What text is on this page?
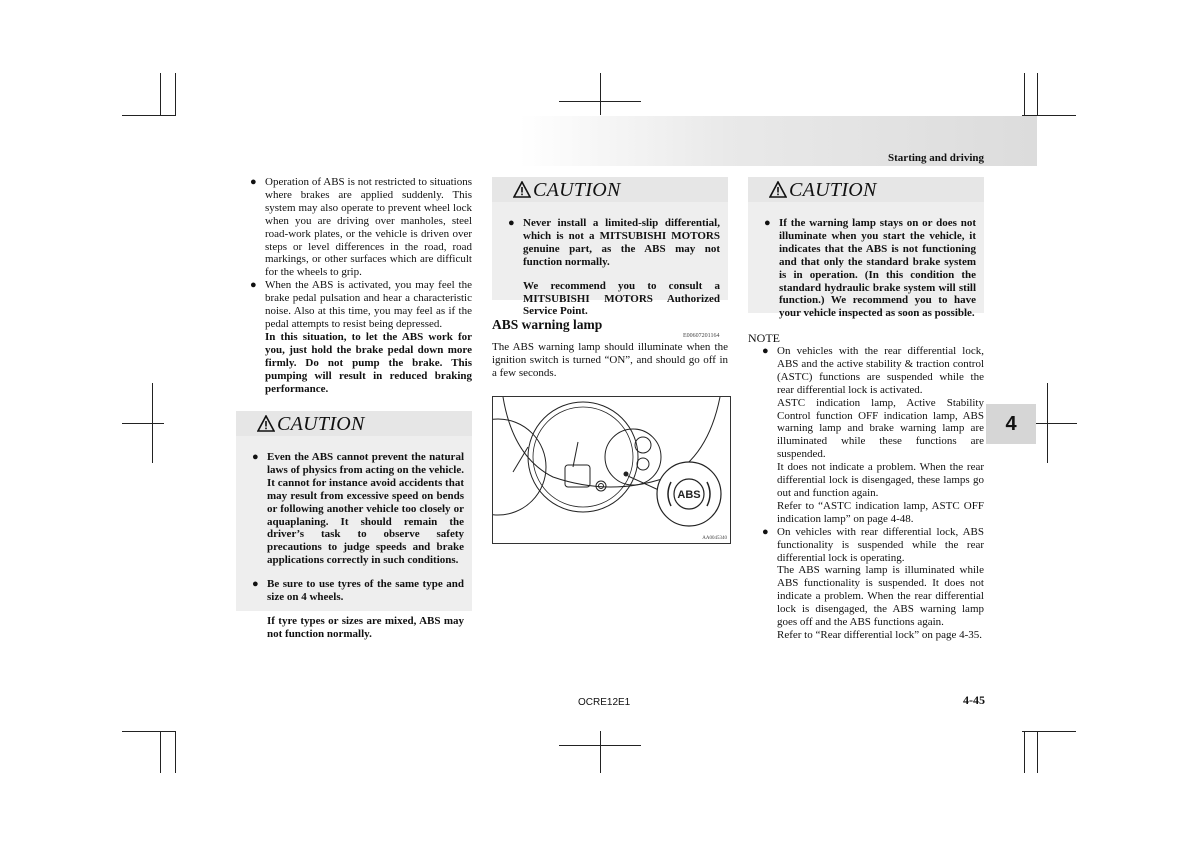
Starting and driving
4
● Operation of ABS is not restricted to situations where brakes are applied suddenly. This system may also operate to prevent wheel lock when you are driving over manholes, steel road-work plates, or the vehicle is driven over steps or level differences in the road, road markings, or other surfaces which are difficult for the wheels to grip.

● When the ABS is activated, you may feel the brake pedal pulsation and hear a characteristic noise. Also at this time, you may feel as if the pedal attempts to resist being depressed.

In this situation, to let the ABS work for you, just hold the brake pedal down more firmly. Do not pump the brake. This pumping will result in reduced braking performance.

CAUTION
● Even the ABS cannot prevent the natural laws of physics from acting on the vehicle. It cannot for instance avoid accidents that may result from excessive speed on bends or following another vehicle too closely or aquaplaning. It should remain the driver’s task to observe safety precautions to judge speeds and brake applications correctly in such conditions.

● Be sure to use tyres of the same type and size on 4 wheels.

If tyre types or sizes are mixed, ABS may not function normally.

CAUTION
● Never install a limited-slip differential, which is not a MITSUBISHI MOTORS genuine part, as the ABS may not function normally.

We recommend you to consult a MITSUBISHI MOTORS Authorized Service Point.

ABS warning lamp
E00607201164

The ABS warning lamp should illuminate when the ignition switch is turned “ON”, and should go off in a few seconds.

ABS
AA0045340
CAUTION
● If the warning lamp stays on or does not illuminate when you start the vehicle, it indicates that the ABS is not functioning and that only the standard brake system is in operation. (In this condition the standard hydraulic brake system will still function.) We recommend you to have your vehicle inspected as soon as possible.

NOTE
● On vehicles with the rear differential lock, ABS and the active stability & traction control (ASTC) functions are suspended while the rear differential lock is activated.

ASTC indication lamp, Active Stability Control function OFF indication lamp, ABS warning lamp and brake warning lamp are illuminated while these functions are suspended.

It does not indicate a problem. When the rear differential lock is disengaged, these lamps go out and function again.

Refer to “ASTC indication lamp, ASTC OFF indication lamp” on page 4-48.

● On vehicles with rear differential lock, ABS functionality is suspended while the rear differential lock is operating.

The ABS warning lamp is illuminated while ABS functionality is suspended. It does not indicate a problem. When the rear differential lock is disengaged, the ABS warning lamp goes off and the ABS functions again.

Refer to “Rear differential lock” on page 4-35.

OCRE12E1	4-45
